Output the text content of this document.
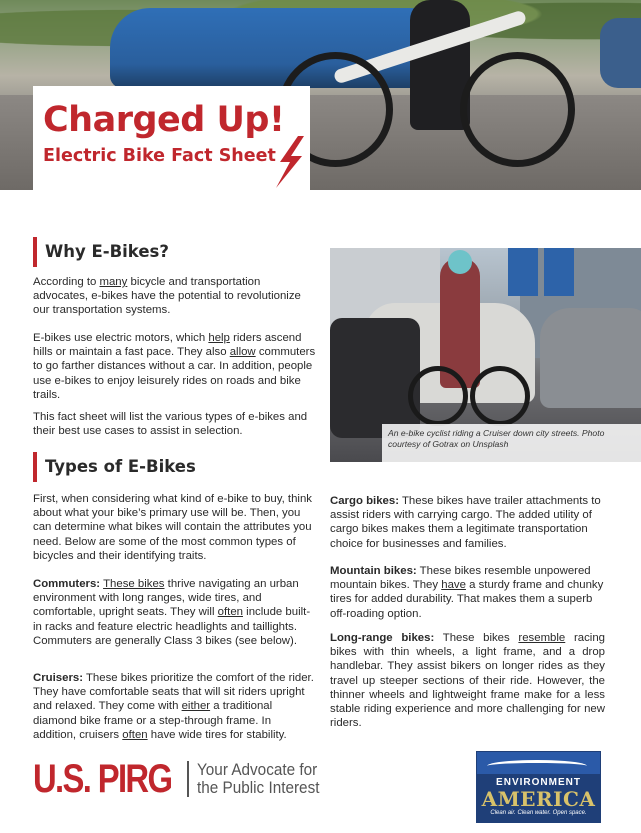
Charged Up!
Electric Bike Fact Sheet
Why E-Bikes?
According to many bicycle and transportation advocates, e-bikes have the potential to revolutionize our transportation systems.
E-bikes use electric motors, which help riders ascend hills or maintain a fast pace. They also allow commuters to go farther distances without a car. In addition, people use e-bikes to enjoy leisurely rides on roads and bike trails.
This fact sheet will list the various types of e-bikes and their best use cases to assist in selection.	An e-bike cyclist riding a Cruiser down city streets. Photo courtesy of Gotrax on Unsplash
Types of E-Bikes
First, when considering what kind of e-bike to buy, think about what your bike’s primary use will be. Then, you can determine what bikes will contain the attributes you need. Below are some of the most common types of bicycles and their identifying traits.
Commuters: These bikes thrive navigating an urban environment with long ranges, wide tires, and comfortable, upright seats. They will often include built-in racks and feature electric headlights and taillights. Commuters are generally Class 3 bikes (see below).
Cruisers: These bikes prioritize the comfort of the rider. They have comfortable seats that will sit riders upright and relaxed. They come with either a traditional diamond bike frame or a step-through frame. In addition, cruisers often have wide tires for stability.
Cargo bikes: These bikes have trailer attachments to assist riders with carrying cargo. The added utility of cargo bikes makes them a legitimate transportation choice for businesses and families.
Mountain bikes: These bikes resemble unpowered mountain bikes. They have a sturdy frame and chunky tires for added durability. That makes them a superb off-roading option.
Long-range bikes: These bikes resemble racing bikes with thin wheels, a light frame, and a drop handlebar. They assist bikers on longer rides as they travel up steeper sections of their ride. However, the thinner wheels and lightweight frame make for a less stable riding experience and more challenging for new riders.
U.S. PIRG Your Advocate for the Public Interest	ENVIRONMENT
AMERICA
Clean air. Clean water. Open space.
